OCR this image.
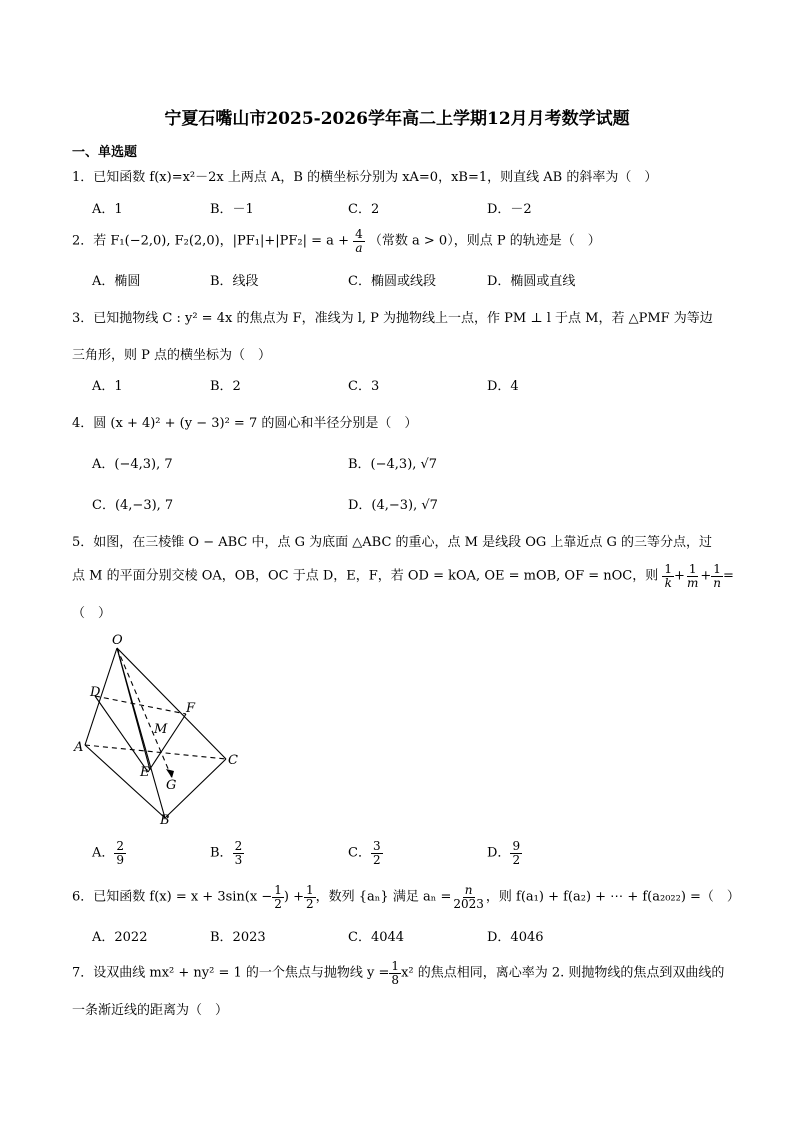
宁夏石嘴山市2025-2026学年高二上学期12月月考数学试题
一、单选题
1．已知函数 f(x)=x²－2x 上两点 A，B 的横坐标分别为 xA=0，xB=1，则直线 AB 的斜率为（　）
A．1	B．－1	C．2	D．－2
2．若 F₁(−2,0), F₂(2,0)，$|PF_1|+|PF_2| = a + \frac{4}{a}$ （常数 a > 0），则点 P 的轨迹是（　）
A．椭圆	B．线段	C．椭圆或线段	D．椭圆或直线
3．已知抛物线 C : y² = 4x 的焦点为 F，准线为 l, P 为抛物线上一点，作 PM ⊥ l 于点 M，若 △PMF 为等边
三角形，则 P 点的横坐标为（　）
A．1	B．2	C．3	D．4
4．圆 (x + 4)² + (y − 3)² = 7 的圆心和半径分别是（　）
A．(−4,3), 7	B．(−4,3), √7
C．(4,−3), 7	D．(4,−3), √7
5．如图，在三棱锥 O − ABC 中，点 G 为底面 △ABC 的重心，点 M 是线段 OG 上靠近点 G 的三等分点，过
点 M 的平面分别交棱 OA，OB，OC 于点 D，E，F，若 OD = kOA, OE = mOB, OF = nOC，则 $\frac{1}{k} + \frac{1}{m} + \frac{1}{n}$ =
（　）
O
D
F
M
A
C
E
G
B
A． $\frac{2}{9}$	B． $\frac{2}{3}$	C． $\frac{3}{2}$	D． $\frac{9}{2}$
6．已知函数 $f(x) = x + 3\sin(x - \frac{1}{2}$ ) + $\frac{1}{2}$ ，数列 {aₙ} 满足 $a_n = \frac{n}{2023}$ ，则 f(a₁) + f(a₂) + ⋯ + f(a₂₀₂₂) =（　）
A．2022	B．2023	C．4044	D．4046
7．设双曲线 mx² + ny² = 1 的一个焦点与抛物线 $y = \frac{1}{8} x^2$ 的焦点相同，离心率为 2. 则抛物线的焦点到双曲线的
一条渐近线的距离为（　）
